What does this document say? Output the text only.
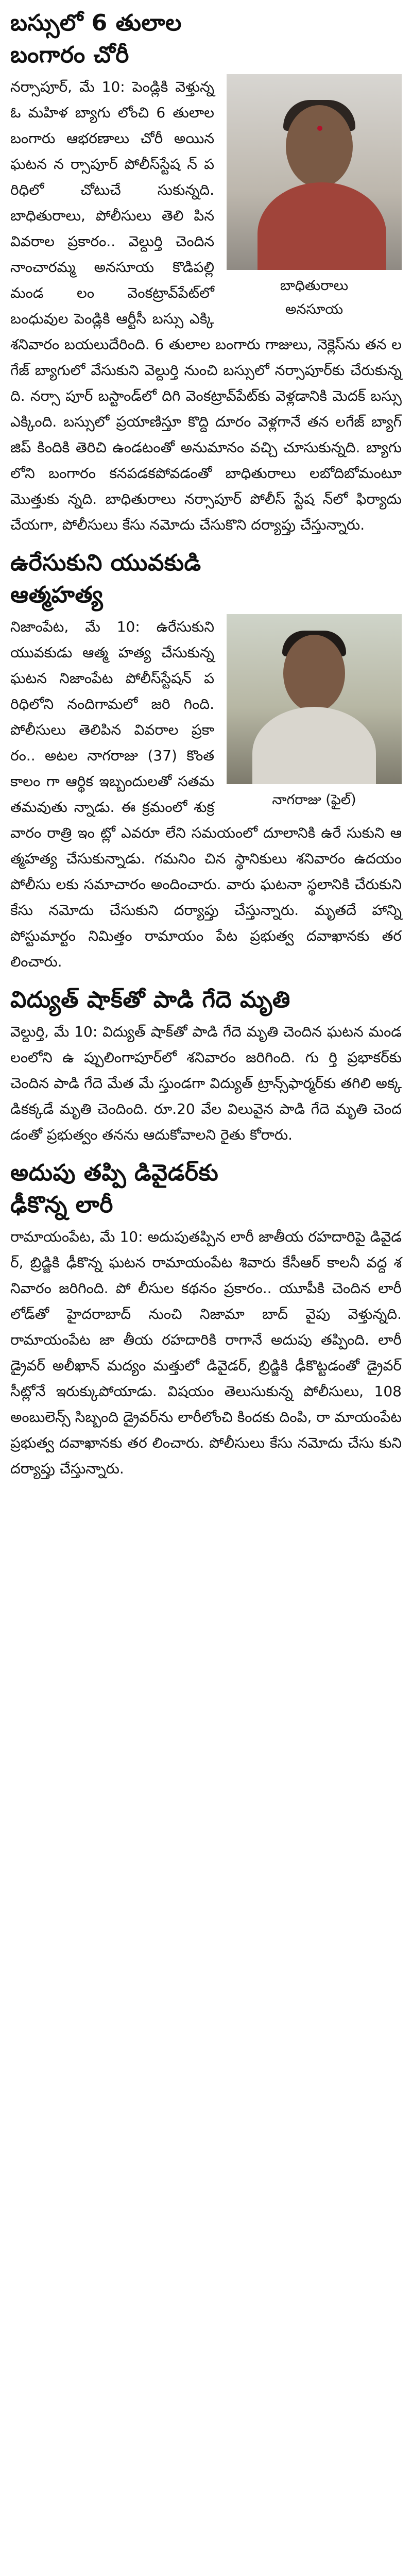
బస్సులో 6 తులాల
బంగారం చోరీ
బాధితురాలు
అనసూయ

నర్సాపూర్‌, మే 10: పెండ్లికి వెళ్తున్న ఓ మహిళ బ్యాగు లోంచి 6 తులాల బంగారు ఆభరణాలు చోరీ అయిన ఘటన న ర్సాపూర్‌ పోలీస్‌స్టేష న్‌ పరిధిలో చోటుచే సుకున్నది. బాధితురాలు, పోలీసులు తెలి పిన వివరాల ప్రకారం.. వెల్దుర్తి చెందిన నాంచారమ్మ అనసూయ కొడిపల్లి మండ లం వెంకట్రావ్‌పేట్‌లో బంధువుల పెండ్లికి ఆర్టీసీ బస్సు ఎక్కి శనివారం బయలుదేరింది. 6 తులాల బంగారు గాజులు, నెక్లెస్‌ను తన లగేజ్‌ బ్యాగులో వేసుకుని వెల్దుర్తి నుంచి బస్సులో నర్సాపూర్‌కు చేరుకున్నది. నర్సా పూర్‌ బస్టాండ్‌లో దిగి వెంకట్రావ్‌పేట్‌కు వెళ్లడానికి మెదక్‌ బస్సు ఎక్కింది. బస్సులో ప్రయాణిస్తూ కొద్ది దూరం వెళ్లగానే తన లగేజ్‌ బ్యాగ్‌ జిప్‌ కిందికి తెరిచి ఉండటంతో అనుమానం వచ్చి చూసుకున్నది. బ్యాగు లోని బంగారం కనపడకపోవడంతో బాధితురాలు లబోదిబోమంటూ మొత్తుకు న్నది. బాధితురాలు నర్సాపూర్‌ పోలీస్‌ స్టేష న్‌లో ఫిర్యాదు చేయగా, పోలీసులు కేసు నమోదు చేసుకొని దర్యాప్తు చేస్తున్నారు.

ఉరేసుకుని యువకుడి
ఆత్మహత్య
నాగరాజు (ఫైల్‌)

నిజాంపేట, మే 10: ఉరేసుకుని యువకుడు ఆత్మ హత్య చేసుకున్న ఘటన నిజాంపేట పోలీస్‌స్టేషన్‌ పరిధిలోని నందిగామలో జరి గింది. పోలీసులు తెలిపిన వివరాల ప్రకా రం.. అటల నాగరాజు (37) కొంతకాలం గా ఆర్థిక ఇబ్బందులతో సతమతమవుతు న్నాడు. ఈ క్రమంలో శుక్రవారం రాత్రి ఇం ట్లో ఎవరూ లేని సమయంలో దూలానికి ఉరే సుకుని ఆత్మహత్య చేసుకున్నాడు. గమనిం చిన స్థానికులు శనివారం ఉదయం పోలీసు లకు సమాచారం అందించారు. వారు ఘటనా స్థలానికి చేరుకుని కేసు నమోదు చేసుకుని దర్యాప్తు చేస్తున్నారు. మృతదే హాన్ని పోస్టుమార్టం నిమిత్తం రామాయం పేట ప్రభుత్వ దవాఖానకు తరలించారు.

విద్యుత్‌ షాక్‌తో పాడి గేదె మృతి

వెల్దుర్తి, మే 10: విద్యుత్‌ షాక్‌తో పాడి గేదె మృతి చెందిన ఘటన మండలంలోని ఉ ప్పులింగాపూర్‌లో శనివారం జరిగింది. గు ర్తి ప్రభాకర్‌కు చెందిన పాడి గేదె మేత మే స్తుండగా విద్యుత్‌ ట్రాన్స్‌ఫార్మర్‌కు తగిలి అక్కడికక్కడే మృతి చెందింది. రూ.20 వేల విలువైన పాడి గేదె మృతి చెందడంతో ప్రభుత్వం తనను ఆదుకోవాలని రైతు కోరారు.

అదుపు తప్పి డివైడర్‌కు
ఢీకొన్న లారీ

రామాయంపేట, మే 10: అదుపుతప్పిన లారీ జాతీయ రహదారిపై డివైడర్‌, బ్రిడ్జికి ఢీకొన్న ఘటన రామాయంపేట శివారు కేసీఆర్‌ కాలనీ వద్ద శనివారం జరిగింది. పో లీసుల కథనం ప్రకారం.. యూపీకి చెందిన లారీ లోడ్‌తో హైదరాబాద్‌ నుంచి నిజామా బాద్‌ వైపు వెళ్తున్నది. రామాయంపేట జా తీయ రహదారికి రాగానే అదుపు తప్పింది. లారీ డ్రైవర్‌ అలీఖాన్‌ మద్యం మత్తులో డివైడర్‌, బ్రిడ్జికి ఢీకొట్టడంతో డ్రైవర్‌ సీట్లోనే ఇరుక్కుపోయాడు. విషయం తెలుసుకున్న పోలీసులు, 108 అంబులెన్స్‌ సిబ్బంది డ్రైవర్‌ను లారీలోంచి కిందకు దింపి, రా మాయంపేట ప్రభుత్వ దవాఖానకు తర లించారు. పోలీసులు కేసు నమోదు చేసు కుని దర్యాప్తు చేస్తున్నారు.
